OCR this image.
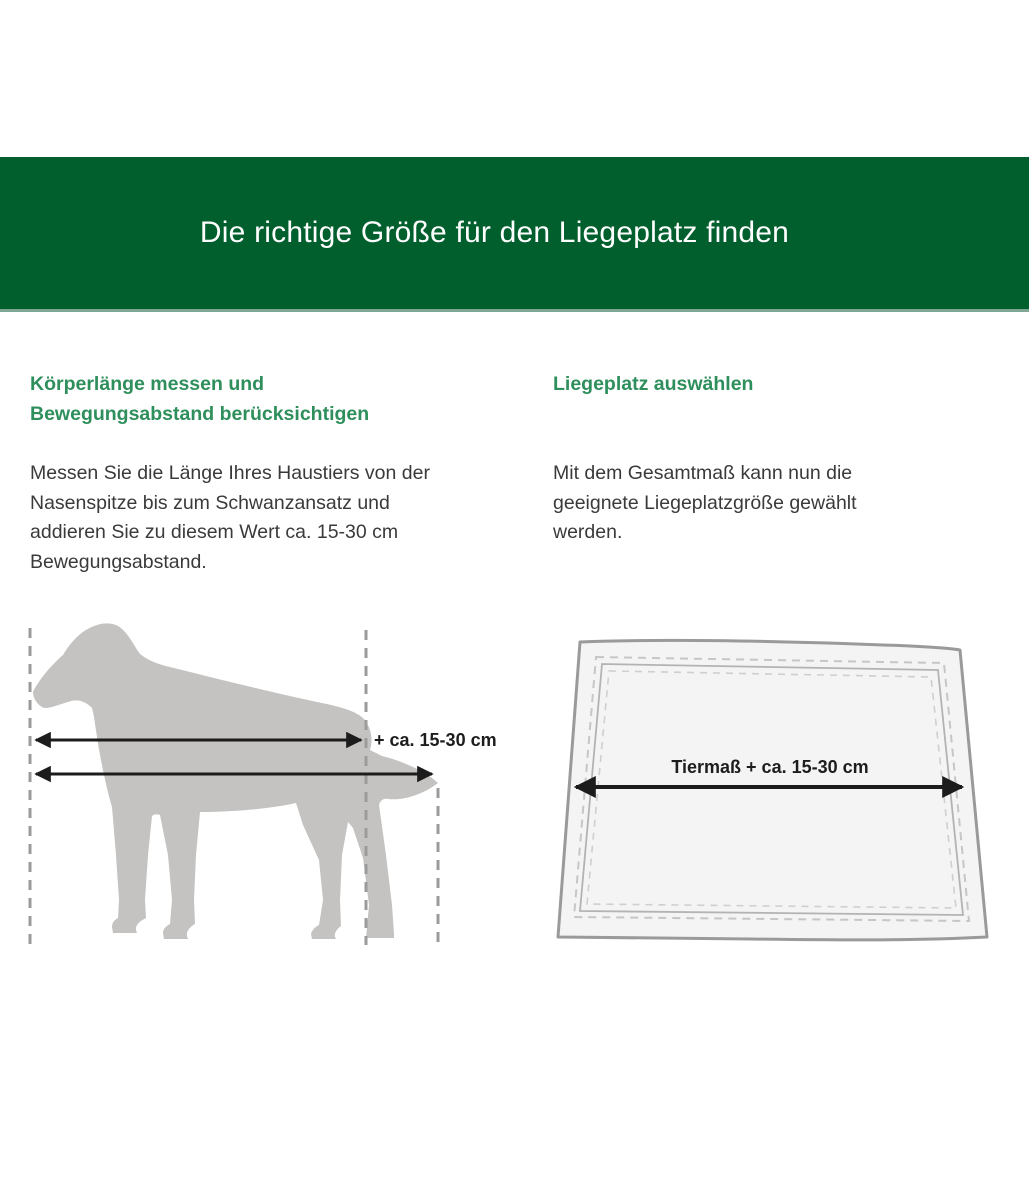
Die richtige Größe für den Liegeplatz finden
Körperlänge messen und
Bewegungsabstand berücksichtigen
Liegeplatz auswählen
Messen Sie die Länge Ihres Haustiers von der
Nasenspitze bis zum Schwanzansatz und
addieren Sie zu diesem Wert ca. 15-30 cm
Bewegungsabstand.
Mit dem Gesamtmaß kann nun die
geeignete Liegeplatzgröße gewählt
werden.
+ ca. 15-30 cm
Tiermaß + ca. 15-30 cm
